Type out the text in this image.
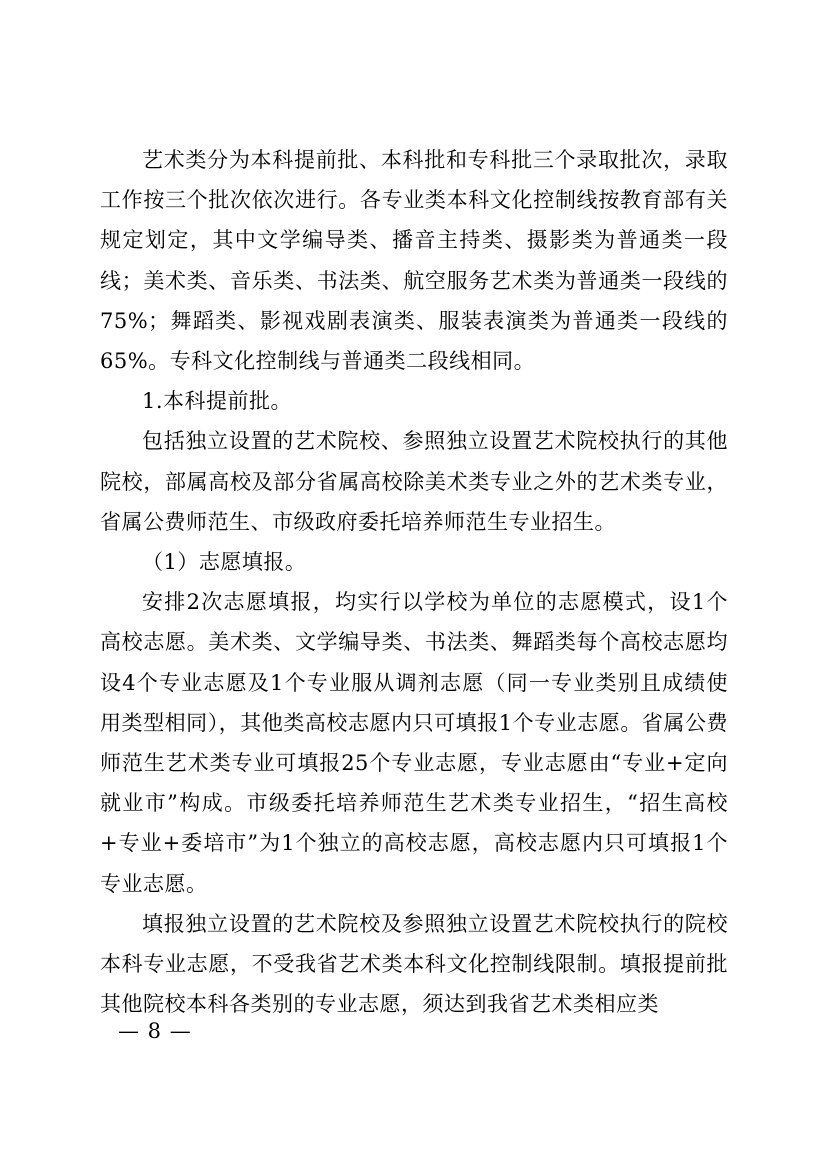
艺术类分为本科提前批、本科批和专科批三个录取批次，录取工作按三个批次依次进行。各专业类本科文化控制线按教育部有关规定划定，其中文学编导类、播音主持类、摄影类为普通类一段线；美术类、音乐类、书法类、航空服务艺术类为普通类一段线的75%；舞蹈类、影视戏剧表演类、服装表演类为普通类一段线的65%。专科文化控制线与普通类二段线相同。

1.本科提前批。

包括独立设置的艺术院校、参照独立设置艺术院校执行的其他院校，部属高校及部分省属高校除美术类专业之外的艺术类专业，省属公费师范生、市级政府委托培养师范生专业招生。

（1）志愿填报。

安排2次志愿填报，均实行以学校为单位的志愿模式，设1个高校志愿。美术类、文学编导类、书法类、舞蹈类每个高校志愿均设4个专业志愿及1个专业服从调剂志愿（同一专业类别且成绩使用类型相同），其他类高校志愿内只可填报1个专业志愿。省属公费师范生艺术类专业可填报25个专业志愿，专业志愿由“专业+定向就业市”构成。市级委托培养师范生艺术类专业招生，“招生高校+专业+委培市”为1个独立的高校志愿，高校志愿内只可填报1个专业志愿。

填报独立设置的艺术院校及参照独立设置艺术院校执行的院校本科专业志愿，不受我省艺术类本科文化控制线限制。填报提前批其他院校本科各类别的专业志愿，须达到我省艺术类相应类

— 8 —
